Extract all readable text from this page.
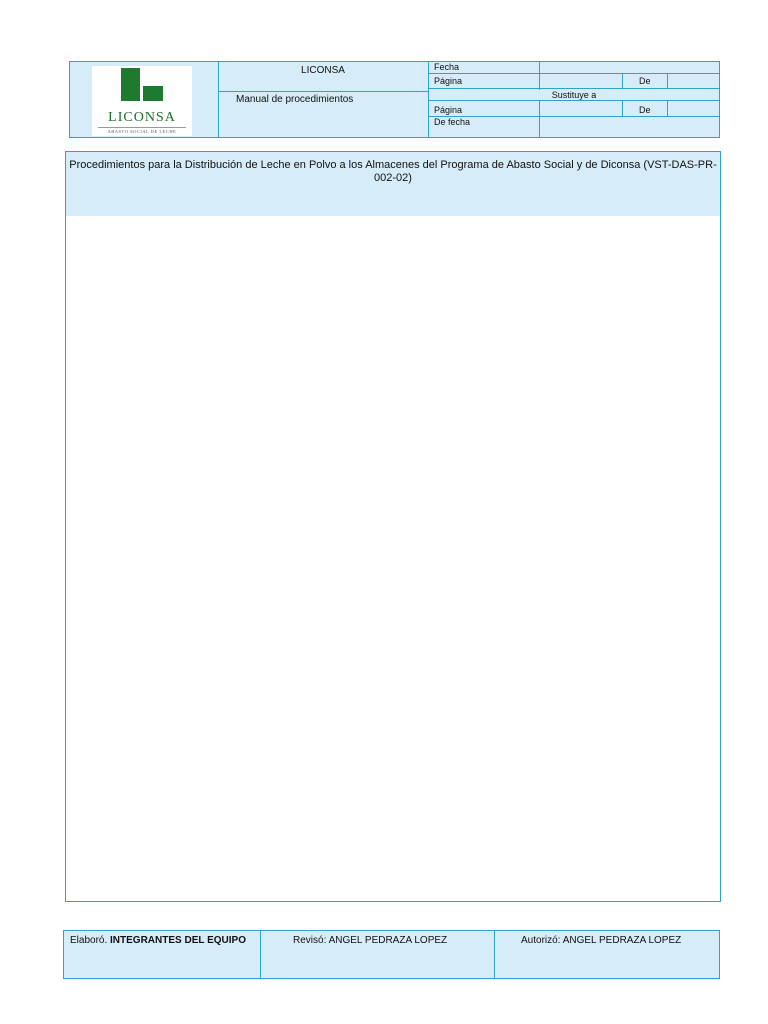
LICONSA
ABASTO SOCIAL DE LECHE
LICONSA
Manual de procedimientos
Fecha
Página	De
Sustituye a
Página	De
De fecha
Procedimientos para la Distribución de Leche en Polvo a los Almacenes del Programa de Abasto Social y de Diconsa (VST-DAS-PR-002-02)
Elaboró. INTEGRANTES DEL EQUIPO	Revisó: ANGEL PEDRAZA LOPEZ	Autorizó: ANGEL PEDRAZA LOPEZ
